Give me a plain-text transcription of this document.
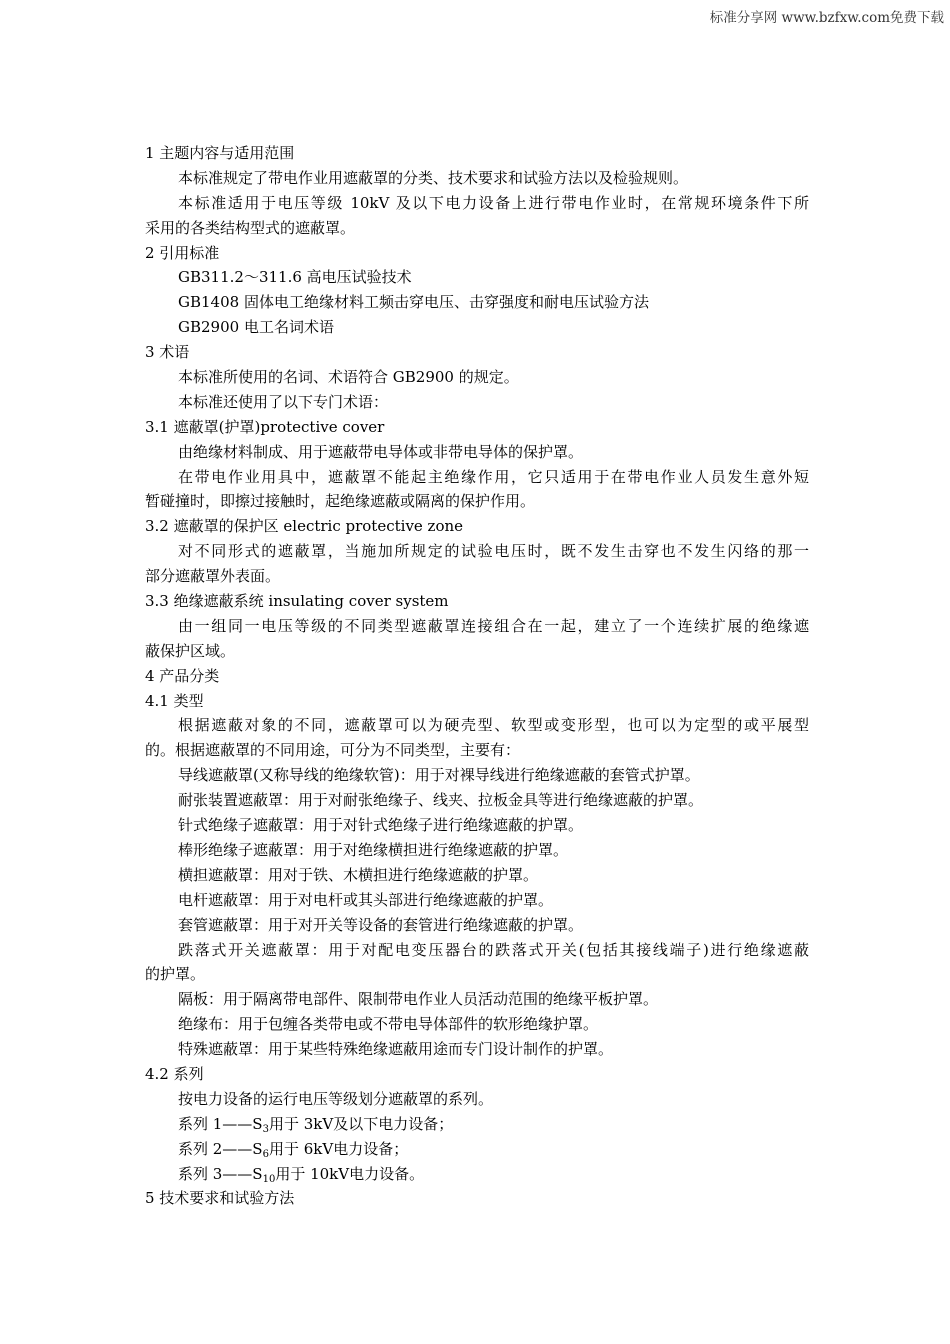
标准分享网 www.bzfxw.com免费下载
1 主题内容与适用范围
本标准规定了带电作业用遮蔽罩的分类、技术要求和试验方法以及检验规则。
本标准适用于电压等级 10kV 及以下电力设备上进行带电作业时，在常规环境条件下所
采用的各类结构型式的遮蔽罩。
2 引用标准
GB311.2～311.6 高电压试验技术
GB1408 固体电工绝缘材料工频击穿电压、击穿强度和耐电压试验方法
GB2900 电工名词术语
3 术语
本标准所使用的名词、术语符合 GB2900 的规定。
本标准还使用了以下专门术语：
3.1 遮蔽罩(护罩)protective cover
由绝缘材料制成、用于遮蔽带电导体或非带电导体的保护罩。
在带电作业用具中，遮蔽罩不能起主绝缘作用，它只适用于在带电作业人员发生意外短
暂碰撞时，即擦过接触时，起绝缘遮蔽或隔离的保护作用。
3.2 遮蔽罩的保护区 electric protective zone
对不同形式的遮蔽罩，当施加所规定的试验电压时，既不发生击穿也不发生闪络的那一
部分遮蔽罩外表面。
3.3 绝缘遮蔽系统 insulating cover system
由一组同一电压等级的不同类型遮蔽罩连接组合在一起，建立了一个连续扩展的绝缘遮
蔽保护区域。
4 产品分类
4.1 类型
根据遮蔽对象的不同，遮蔽罩可以为硬壳型、软型或变形型，也可以为定型的或平展型
的。根据遮蔽罩的不同用途，可分为不同类型，主要有：
导线遮蔽罩(又称导线的绝缘软管)：用于对裸导线进行绝缘遮蔽的套管式护罩。
耐张装置遮蔽罩：用于对耐张绝缘子、线夹、拉板金具等进行绝缘遮蔽的护罩。
针式绝缘子遮蔽罩：用于对针式绝缘子进行绝缘遮蔽的护罩。
棒形绝缘子遮蔽罩：用于对绝缘横担进行绝缘遮蔽的护罩。
横担遮蔽罩：用对于铁、木横担进行绝缘遮蔽的护罩。
电杆遮蔽罩：用于对电杆或其头部进行绝缘遮蔽的护罩。
套管遮蔽罩：用于对开关等设备的套管进行绝缘遮蔽的护罩。
跌落式开关遮蔽罩：用于对配电变压器台的跌落式开关(包括其接线端子)进行绝缘遮蔽
的护罩。
隔板：用于隔离带电部件、限制带电作业人员活动范围的绝缘平板护罩。
绝缘布：用于包缠各类带电或不带电导体部件的软形绝缘护罩。
特殊遮蔽罩：用于某些特殊绝缘遮蔽用途而专门设计制作的护罩。
4.2 系列
按电力设备的运行电压等级划分遮蔽罩的系列。
系列 $1——S_3$用于 3kV及以下电力设备；
系列 $2——S_6$用于 6kV电力设备；
系列 $3——S_{10}$用于 10kV电力设备。
5 技术要求和试验方法
